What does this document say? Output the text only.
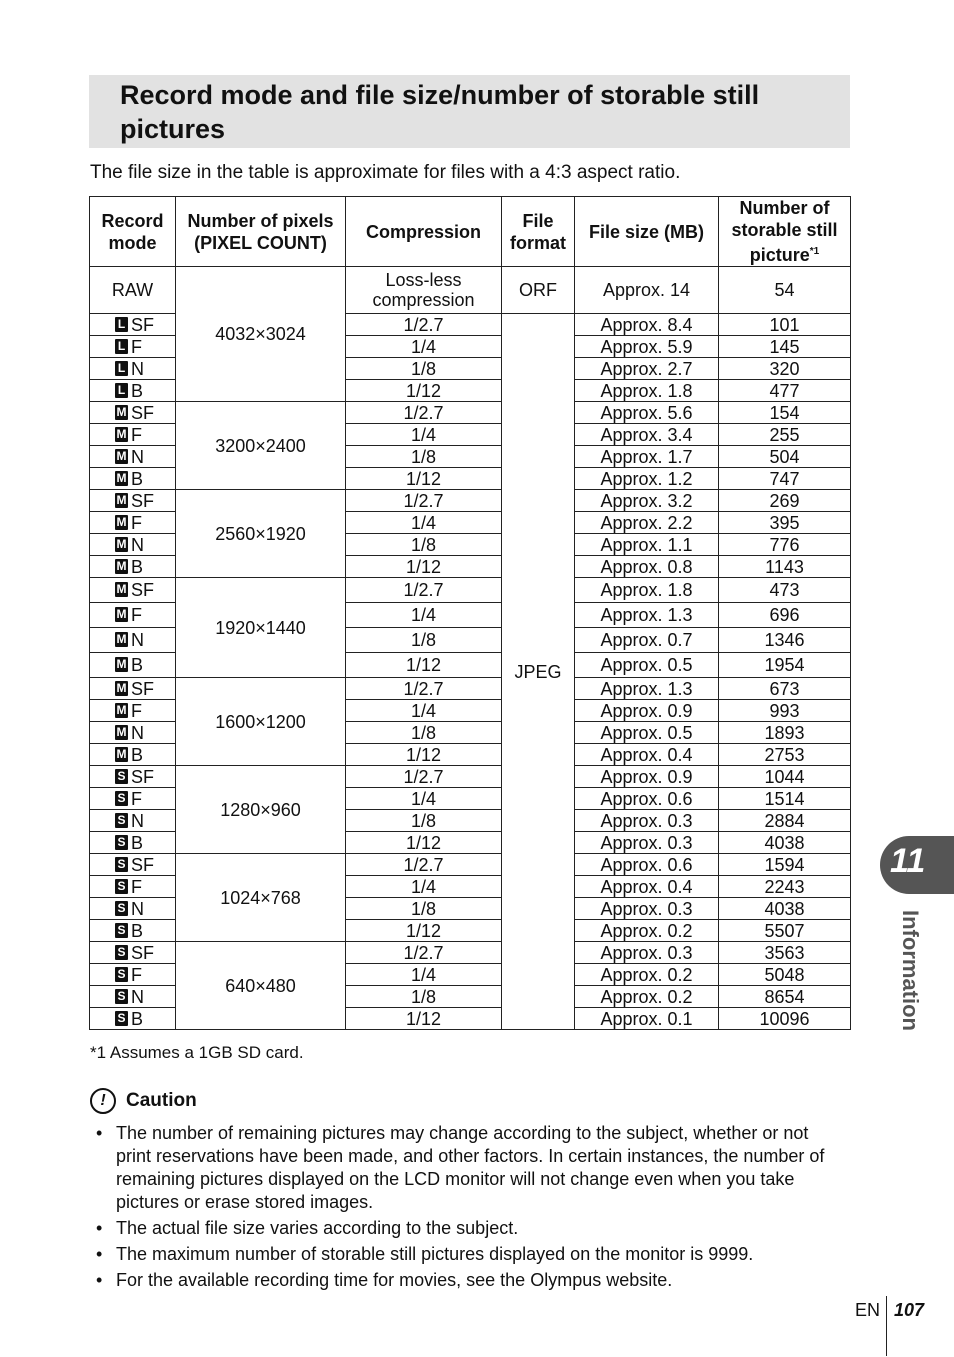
Record mode and file size/number of storable still pictures

The file size in the table is approximate for files with a 4:3 aspect ratio.

Record mode	Number of pixels (PIXEL COUNT)	Compression	File format	File size (MB)	Number of storable still picture$^{*1}$
RAW	4032×3024	Loss-less compression	ORF	Approx. 14	54

L SF		1/2.7	JPEG	Approx. 8.4	101

L F		1/4		Approx. 5.9	145

L N		1/8		Approx. 2.7	320

L B		1/12		Approx. 1.8	477

M SF	3200×2400	1/2.7		Approx. 5.6	154

M F		1/4		Approx. 3.4	255

M N		1/8		Approx. 1.7	504

M B		1/12		Approx. 1.2	747

M SF	2560×1920	1/2.7		Approx. 3.2	269

M F		1/4		Approx. 2.2	395

M N		1/8		Approx. 1.1	776

M B		1/12		Approx. 0.8	1143

M SF	1920×1440	1/2.7		Approx. 1.8	473

M F		1/4		Approx. 1.3	696

M N		1/8		Approx. 0.7	1346

M B		1/12		Approx. 0.5	1954

M SF	1600×1200	1/2.7		Approx. 1.3	673

M F		1/4		Approx. 0.9	993

M N		1/8		Approx. 0.5	1893

M B		1/12		Approx. 0.4	2753

S SF	1280×960	1/2.7		Approx. 0.9	1044

S F		1/4		Approx. 0.6	1514

S N		1/8		Approx. 0.3	2884

S B		1/12		Approx. 0.3	4038

S SF	1024×768	1/2.7		Approx. 0.6	1594

S F		1/4		Approx. 0.4	2243

S N		1/8		Approx. 0.3	4038

S B		1/12		Approx. 0.2	5507

S SF	640×480	1/2.7		Approx. 0.3	3563

S F		1/4		Approx. 0.2	5048

S N		1/8		Approx. 0.2	8654

S B		1/12		Approx. 0.1	10096

*1 Assumes a 1GB SD card.

! Caution
• The number of remaining pictures may change according to the subject, whether or not print reservations have been made, and other factors. In certain instances, the number of remaining pictures displayed on the LCD monitor will not change even when you take pictures or erase stored images.
• The actual file size varies according to the subject.
• The maximum number of storable still pictures displayed on the monitor is 9999.
• For the available recording time for movies, see the Olympus website.
11
Information
EN 107
